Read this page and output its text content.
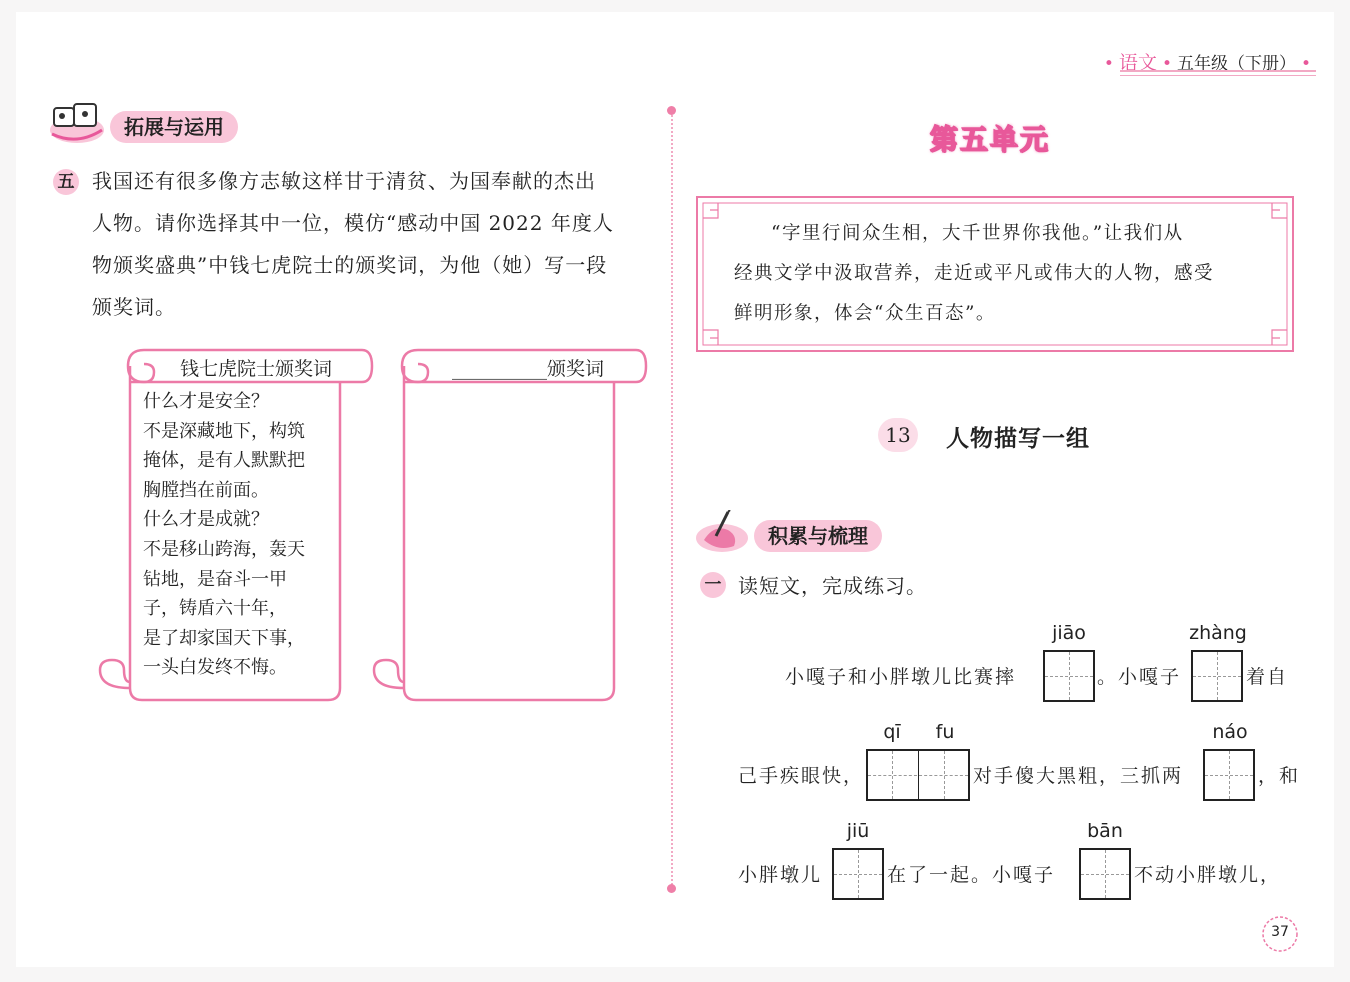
• 语文 • 五年级（下册） •
拓展与运用
五 我国还有很多像方志敏这样甘于清贫、为国奉献的杰出
人物。请你选择其中一位，模仿“感动中国 2022 年度人
物颁奖盛典”中钱七虎院士的颁奖词，为他（她）写一段
颁奖词。
钱七虎院士颁奖词
什么才是安全？
不是深藏地下，构筑
掩体，是有人默默把
胸膛挡在前面。
什么才是成就？
不是移山跨海，轰天
钻地，是奋斗一甲
子，铸盾六十年，
是了却家国天下事，
一头白发终不悔。
__________颁奖词
第五单元
“字里行间众生相，大千世界你我他。”让我们从
经典文学中汲取营养，走近或平凡或伟大的人物，感受
鲜明形象，体会“众生百态”。
13	人物描写一组
积累与梳理
一 读短文，完成练习。
jiāo	zhàng
小嘎子和小胖墩儿比赛摔	。小嘎子	着自
qī	fu	náo
己手疾眼快，	对手傻大黑粗，三抓两	，和
jiū	bān
小胖墩儿	在了一起。小嘎子	不动小胖墩儿，
37
